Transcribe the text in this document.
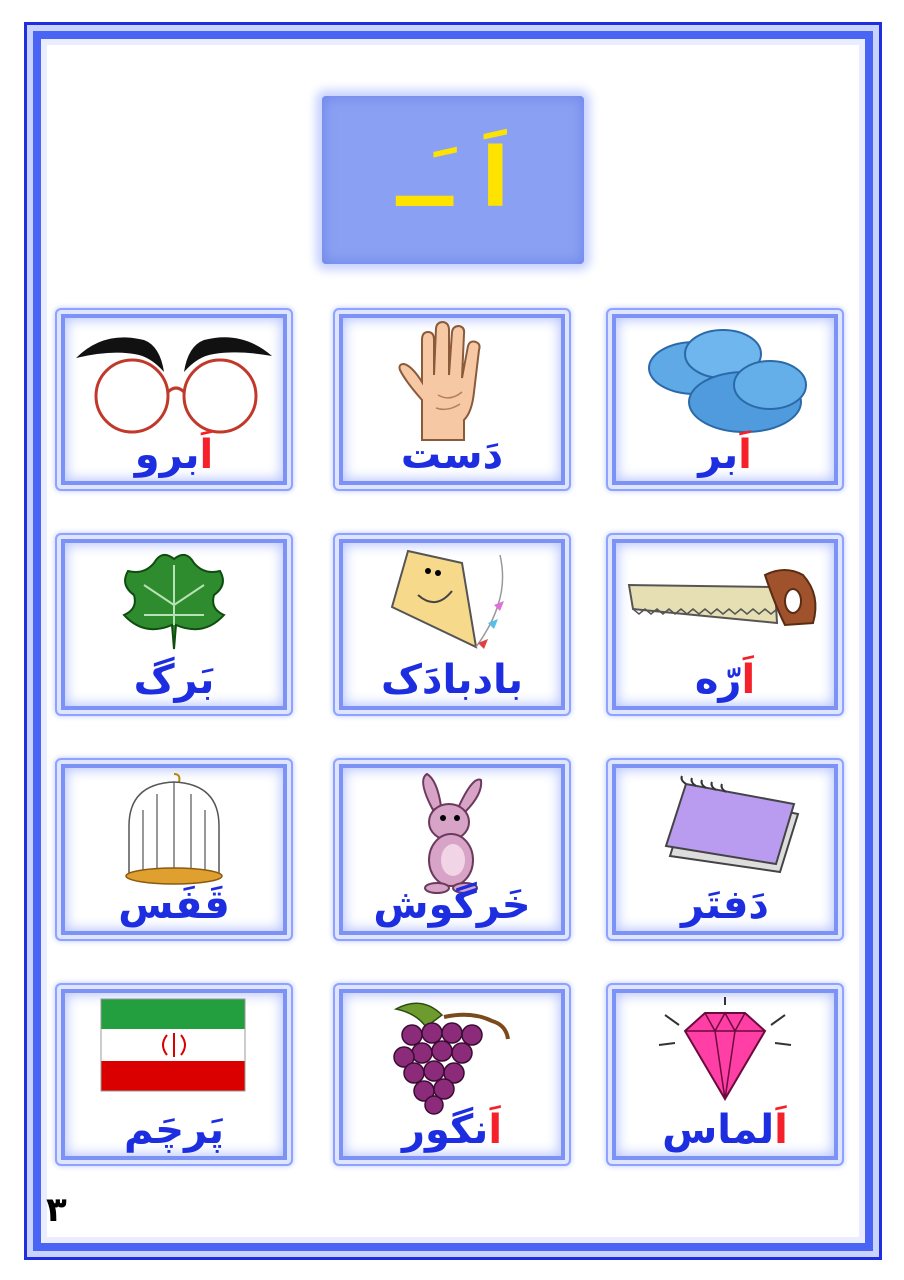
اَ ـَـ
اَبر
دَست
اَبرو
اَرّه
بادبادَک
بَرگ
دَفتَر
خَرگوش
قَفَس
اَلماس
اَنگور
پَرچَم
۳
